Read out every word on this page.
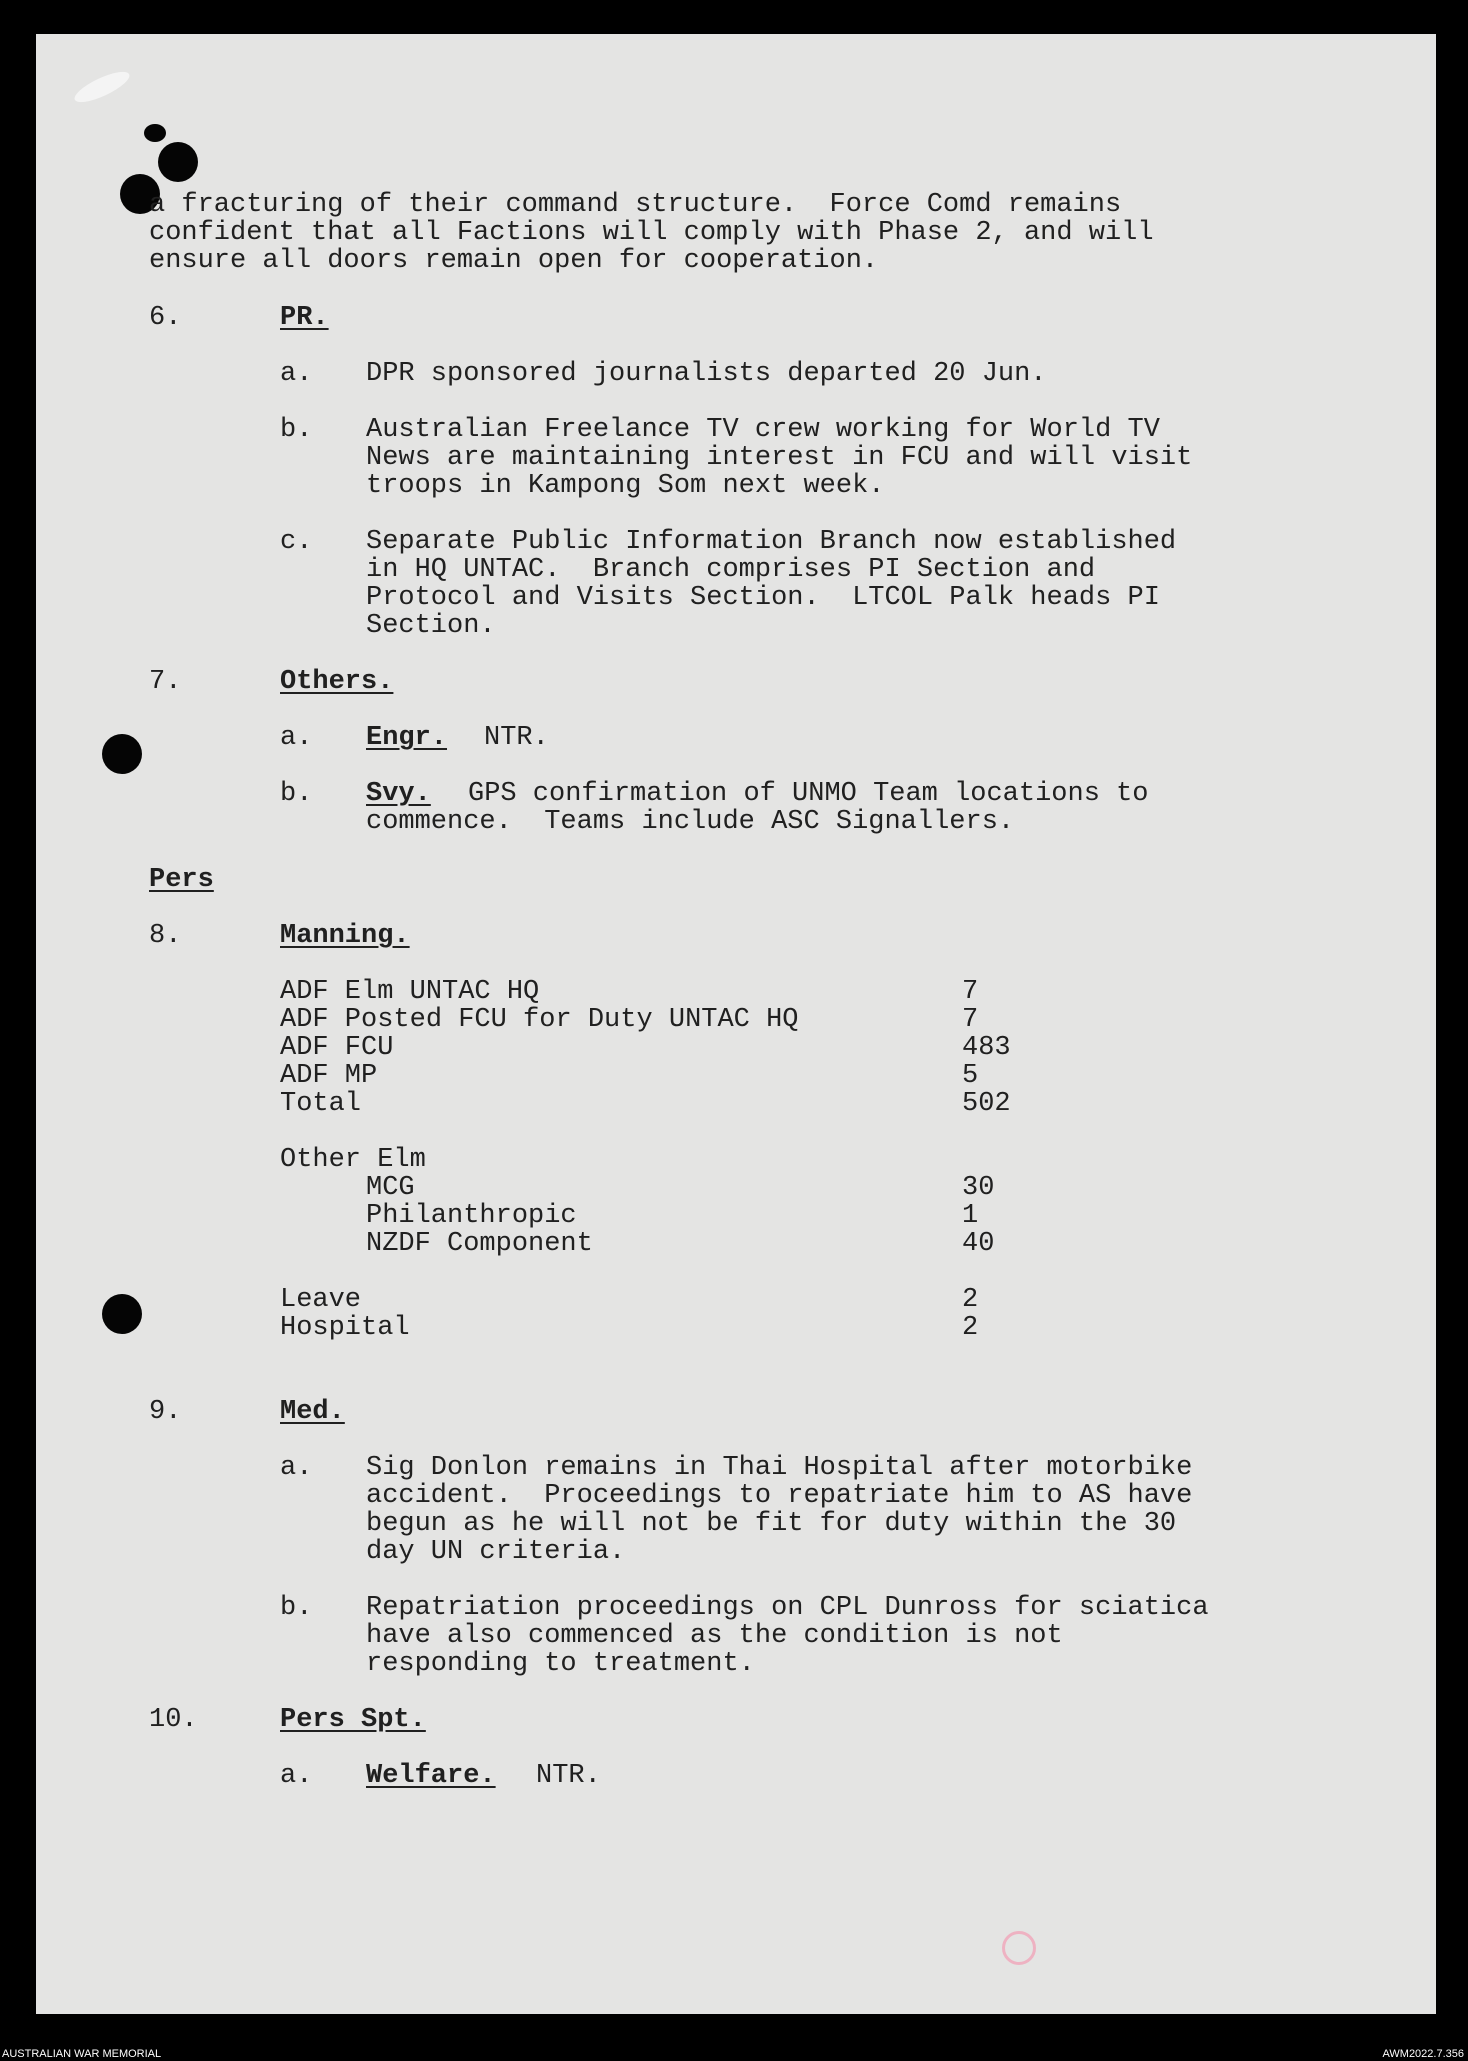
a fracturing of their command structure.  Force Comd remains
confident that all Factions will comply with Phase 2, and will
ensure all doors remain open for cooperation.
6.	PR.
a. DPR sponsored journalists departed 20 Jun.
b. Australian Freelance TV crew working for World TV
News are maintaining interest in FCU and will visit
troops in Kampong Som next week.
c. Separate Public Information Branch now established
in HQ UNTAC.  Branch comprises PI Section and
Protocol and Visits Section.  LTCOL Palk heads PI
Section.
7.	Others.
a. Engr. NTR.
b. Svy. GPS confirmation of UNMO Team locations to
commence.  Teams include ASC Signallers.
Pers
8.	Manning.
ADF Elm UNTAC HQ	7
ADF Posted FCU for Duty UNTAC HQ	7
ADF FCU	483
ADF MP	5
Total	502
Other Elm
MCG	30
Philanthropic	1
NZDF Component	40
Leave	2
Hospital	2
9.	Med.
a. Sig Donlon remains in Thai Hospital after motorbike
accident.  Proceedings to repatriate him to AS have
begun as he will not be fit for duty within the 30
day UN criteria.
b. Repatriation proceedings on CPL Dunross for sciatica
have also commenced as the condition is not
responding to treatment.
10.	Pers Spt.
a. Welfare. NTR.
AUSTRALIAN WAR MEMORIAL	AWM2022.7.356
